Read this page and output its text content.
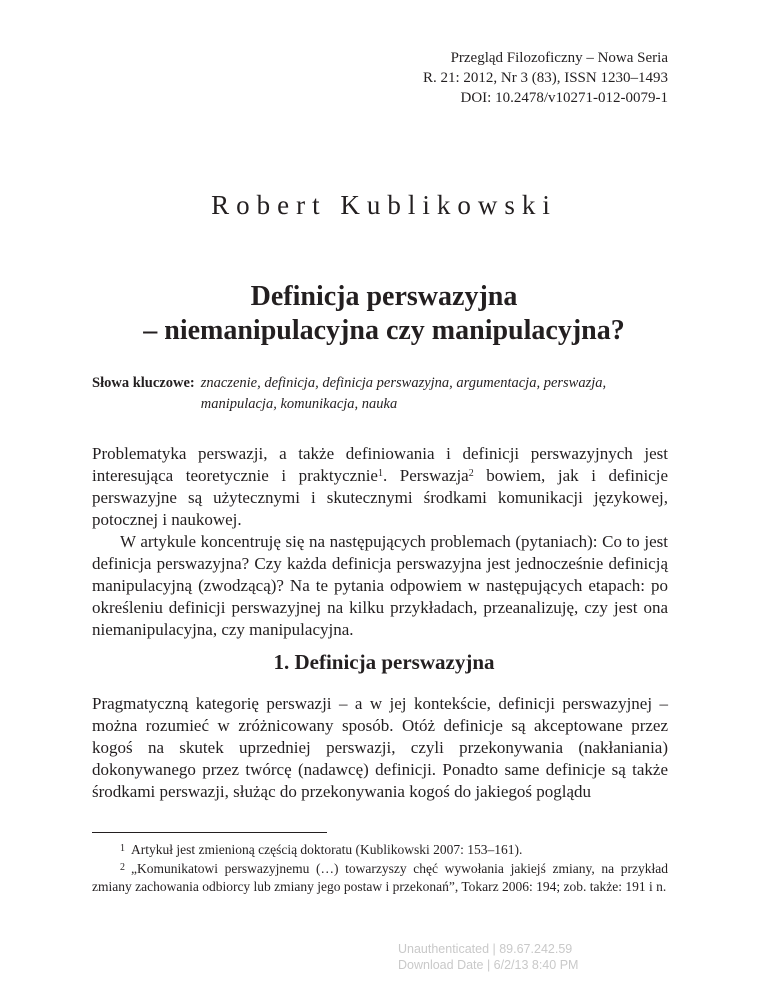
Przegląd Filozoficzny – Nowa Seria
R. 21: 2012, Nr 3 (83), ISSN 1230–1493
DOI: 10.2478/v10271-012-0079-1
Robert Kublikowski
Definicja perswazyjna
– niemanipulacyjna czy manipulacyjna?
Słowa kluczowe: znaczenie, definicja, definicja perswazyjna, argumentacja, perswazja, manipulacja, komunikacja, nauka

Problematyka perswazji, a także definiowania i definicji perswazyjnych jest interesująca teoretycznie i praktycznie$^1$. Perswazja$^2$ bowiem, jak i definicje perswazyjne są użytecznymi i skutecznymi środkami komunikacji językowej, potocznej i naukowej.

W artykule koncentruję się na następujących problemach (pytaniach): Co to jest definicja perswazyjna? Czy każda definicja perswazyjna jest jednocześnie definicją manipulacyjną (zwodzącą)? Na te pytania odpowiem w następujących etapach: po określeniu definicji perswazyjnej na kilku przykładach, przeanalizuję, czy jest ona niemanipulacyjna, czy manipulacyjna.

1. Definicja perswazyjna

Pragmatyczną kategorię perswazji – a w jej kontekście, definicji perswazyjnej – można rozumieć w zróżnicowany sposób. Otóż definicje są akceptowane przez kogoś na skutek uprzedniej perswazji, czyli przekonywania (nakłaniania) dokonywanego przez twórcę (nadawcę) definicji. Ponadto same definicje są także środkami perswazji, służąc do przekonywania kogoś do jakiegoś poglądu

$^1$ Artykuł jest zmienioną częścią doktoratu (Kublikowski 2007: 153–161).

$^2$ „Komunikatowi perswazyjnemu (…) towarzyszy chęć wywołania jakiejś zmiany, na przykład zmiany zachowania odbiorcy lub zmiany jego postaw i przekonań”, Tokarz 2006: 194; zob. także: 191 i n.

Unauthenticated | 89.67.242.59
Download Date | 6/2/13 8:40 PM
